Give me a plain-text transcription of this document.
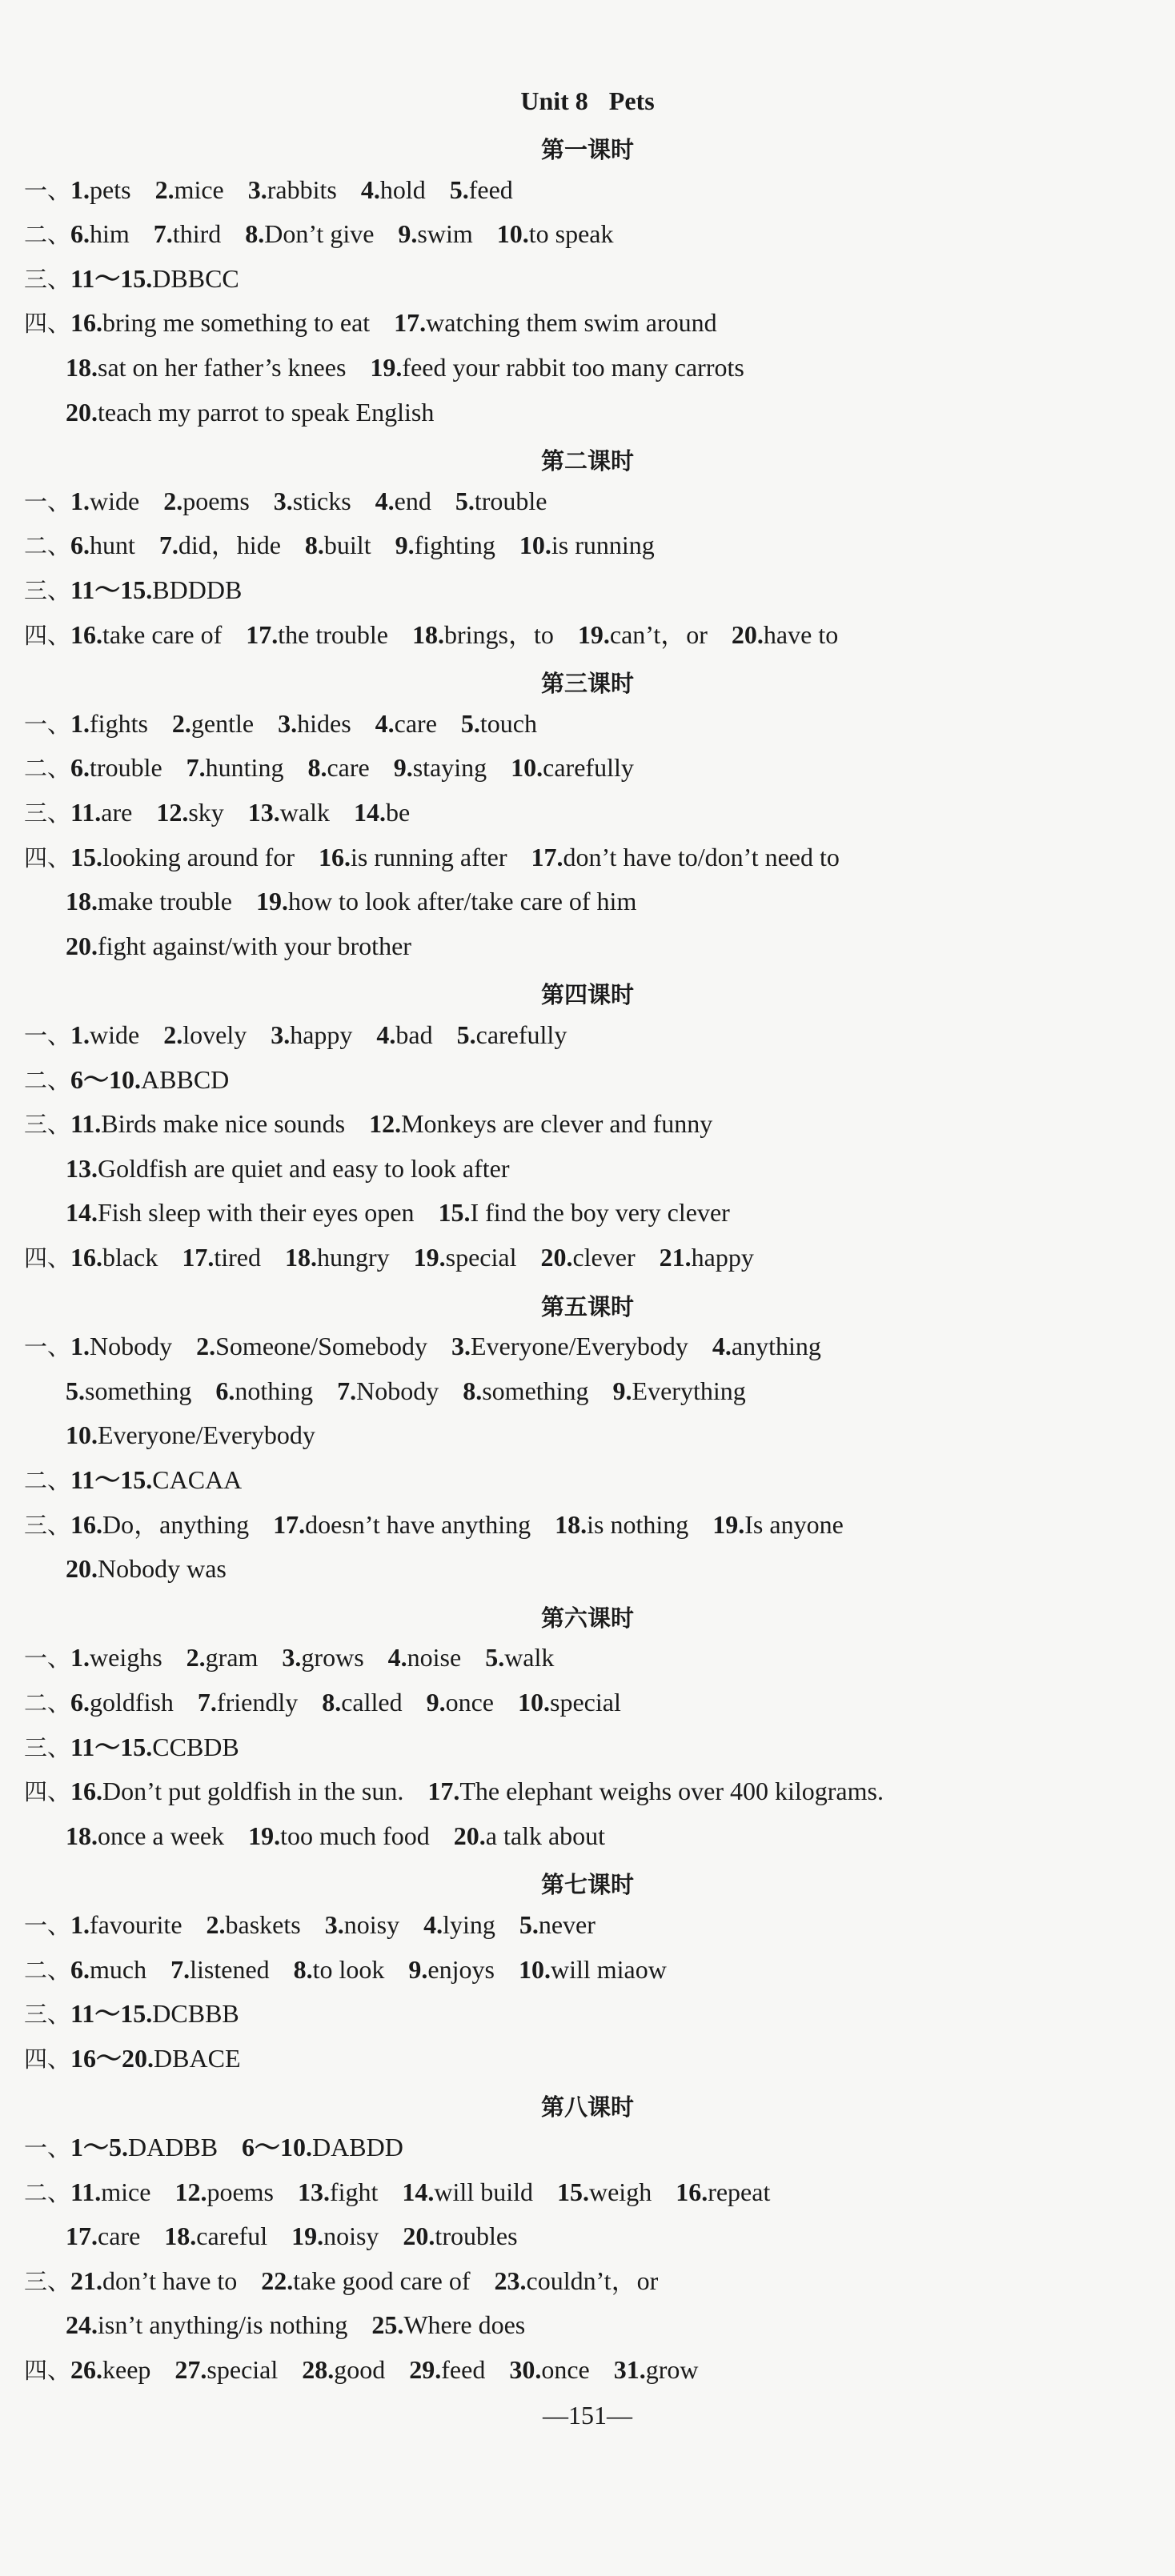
Unit 8 Pets
第一课时
一、1.pets 2.mice 3.rabbits 4.hold 5.feed
二、6.him 7.third 8.Don’t give 9.swim 10.to speak
三、11～15.DBBCC
四、16.bring me something to eat 17.watching them swim around
18.sat on her father’s knees 19.feed your rabbit too many carrots
20.teach my parrot to speak English
第二课时
一、1.wide 2.poems 3.sticks 4.end 5.trouble
二、6.hunt 7.did，hide 8.built 9.fighting 10.is running
三、11～15.BDDDB
四、16.take care of 17.the trouble 18.brings，to 19.can’t，or 20.have to
第三课时
一、1.fights 2.gentle 3.hides 4.care 5.touch
二、6.trouble 7.hunting 8.care 9.staying 10.carefully
三、11.are 12.sky 13.walk 14.be
四、15.looking around for 16.is running after 17.don’t have to/don’t need to
18.make trouble 19.how to look after/take care of him
20.fight against/with your brother
第四课时
一、1.wide 2.lovely 3.happy 4.bad 5.carefully
二、6～10.ABBCD
三、11.Birds make nice sounds 12.Monkeys are clever and funny
13.Goldfish are quiet and easy to look after
14.Fish sleep with their eyes open 15.I find the boy very clever
四、16.black 17.tired 18.hungry 19.special 20.clever 21.happy
第五课时
一、1.Nobody 2.Someone/Somebody 3.Everyone/Everybody 4.anything
5.something 6.nothing 7.Nobody 8.something 9.Everything
10.Everyone/Everybody
二、11～15.CACAA
三、16.Do，anything 17.doesn’t have anything 18.is nothing 19.Is anyone
20.Nobody was
第六课时
一、1.weighs 2.gram 3.grows 4.noise 5.walk
二、6.goldfish 7.friendly 8.called 9.once 10.special
三、11～15.CCBDB
四、16.Don’t put goldfish in the sun. 17.The elephant weighs over 400 kilograms.
18.once a week 19.too much food 20.a talk about
第七课时
一、1.favourite 2.baskets 3.noisy 4.lying 5.never
二、6.much 7.listened 8.to look 9.enjoys 10.will miaow
三、11～15.DCBBB
四、16～20.DBACE
第八课时
一、1～5.DADBB 6～10.DABDD
二、11.mice 12.poems 13.fight 14.will build 15.weigh 16.repeat
17.care 18.careful 19.noisy 20.troubles
三、21.don’t have to 22.take good care of 23.couldn’t，or
24.isn’t anything/is nothing 25.Where does
四、26.keep 27.special 28.good 29.feed 30.once 31.grow
—151—
